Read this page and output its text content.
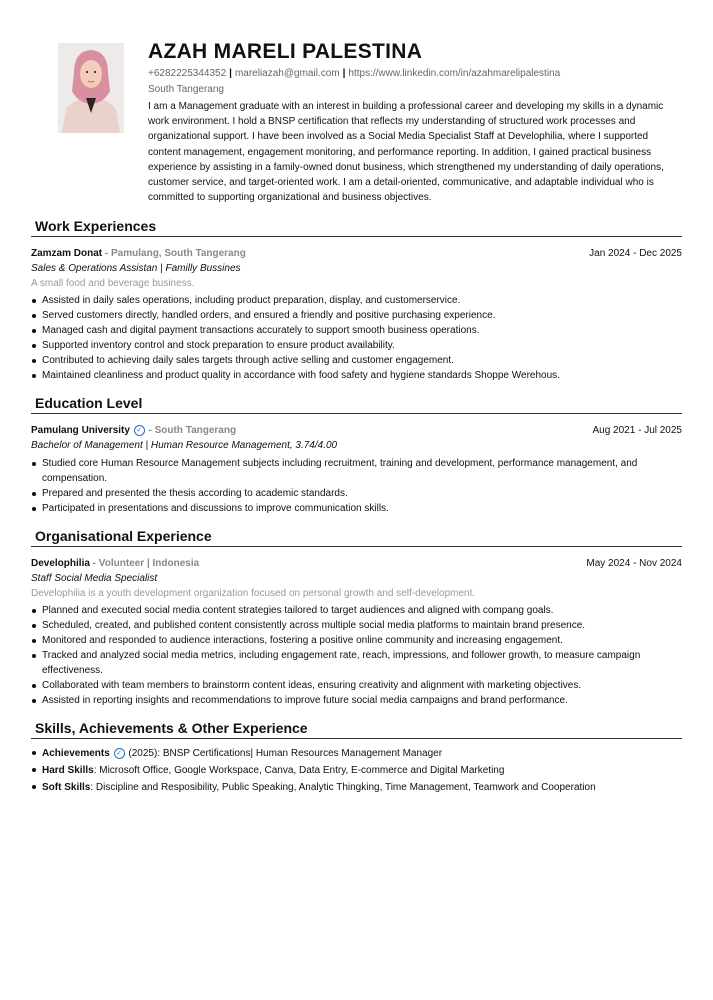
AZAH MARELI PALESTINA
+6282225344352 | mareliazah@gmail.com | https://www.linkedin.com/in/azahmarelipalestina
South Tangerang

I am a Management graduate with an interest in building a professional career and developing my skills in a dynamic work environment. I hold a BNSP certification that reflects my understanding of structured work processes and organizational support. I have been involved as a Social Media Specialist Staff at Develophilia, where I supported content management, engagement monitoring, and performance reporting. In addition, I gained practical business experience by assisting in a family-owned donut business, which strengthened my understanding of daily operations, customer service, and target-oriented work. I am a detail-oriented, communicative, and adaptable individual who is committed to supporting organizational and business objectives.

Work Experiences
Zamzam Donat - Pamulang, South Tangerang	Jan 2024 - Dec 2025
Sales & Operations Assistan | Familly Bussines
A small food and beverage business.
Assisted in daily sales operations, including product preparation, display, and customerservice.
Served customers directly, handled orders, and ensured a friendly and positive purchasing experience.
Managed cash and digital payment transactions accurately to support smooth business operations.
Supported inventory control and stock preparation to ensure product availability.
Contributed to achieving daily sales targets through active selling and customer engagement.
Maintained cleanliness and product quality in accordance with food safety and hygiene standards Shoppe Werehous.
Education Level
Pamulang University ✓ - South Tangerang	Aug 2021 - Jul 2025
Bachelor of Management | Human Resource Management, 3.74/4.00
Studied core Human Resource Management subjects including recruitment, training and development, performance management, and compensation.
Prepared and presented the thesis according to academic standards.
Participated in presentations and discussions to improve communication skills.
Organisational Experience
Develophilia - Volunteer | Indonesia	May 2024 - Nov 2024
Staff Social Media Specialist
Develophilia is a youth development organization focused on personal growth and self-development.
Planned and executed social media content strategies tailored to target audiences and aligned with compang goals.
Scheduled, created, and published content consistently across multiple social media platforms to maintain brand presence.
Monitored and responded to audience interactions, fostering a positive online community and increasing engagement.
Tracked and analyzed social media metrics, including engagement rate, reach, impressions, and follower growth, to measure campaign effectiveness.
Collaborated with team members to brainstorm content ideas, ensuring creativity and alignment with marketing objectives.
Assisted in reporting insights and recommendations to improve future social media campaigns and brand performance.
Skills, Achievements & Other Experience
Achievements ✓ (2025): BNSP Certifications| Human Resources Management Manager
Hard Skills: Microsoft Office, Google Workspace, Canva, Data Entry, E-commerce and Digital Marketing
Soft Skills: Discipline and Resposibility, Public Speaking, Analytic Thingking, Time Management, Teamwork and Cooperation
